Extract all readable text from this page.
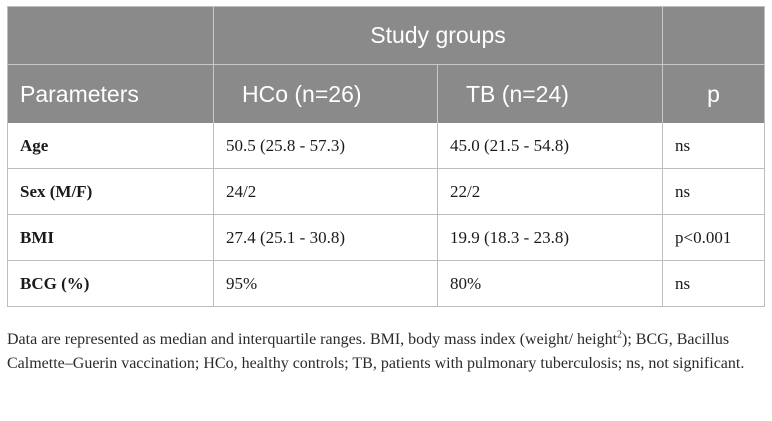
	Study groups		
Parameters	HCo (n=26)	TB (n=24)	p
Age	50.5 (25.8 - 57.3)	45.0 (21.5 - 54.8)	ns
Sex (M/F)	24/2	22/2	ns
BMI	27.4 (25.1 - 30.8)	19.9 (18.3 - 23.8)	p<0.001
BCG (%)	95%	80%	ns
Data are represented as median and interquartile ranges. BMI, body mass index (weight/ height$^2$); BCG, Bacillus Calmette–Guerin vaccination; HCo, healthy controls; TB, patients with pulmonary tuberculosis; ns, not significant.
